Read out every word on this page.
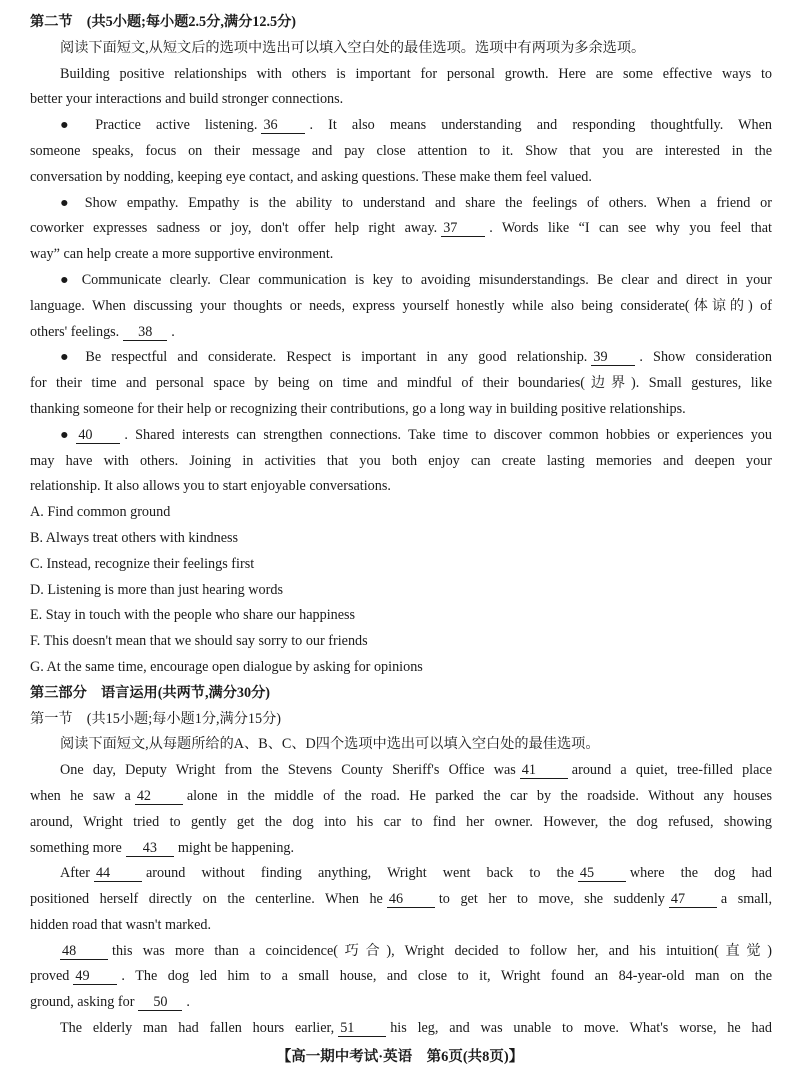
第二节　(共5小题;每小题2.5分,满分12.5分)
阅读下面短文,从短文后的选项中选出可以填入空白处的最佳选项。选项中有两项为多余选项。
Building positive relationships with others is important for personal growth. Here are some effective ways to
better your interactions and build stronger connections.
● Practice active listening. 36 . It also means understanding and responding thoughtfully. When
someone speaks, focus on their message and pay close attention to it. Show that you are interested in the
conversation by nodding, keeping eye contact, and asking questions. These make them feel valued.
● Show empathy. Empathy is the ability to understand and share the feelings of others. When a friend or
coworker expresses sadness or joy, don't offer help right away. 37 . Words like “I can see why you feel that
way” can help create a more supportive environment.
● Communicate clearly. Clear communication is key to avoiding misunderstandings. Be clear and direct in your
language. When discussing your thoughts or needs, express yourself honestly while also being considerate(体谅的) of
others' feelings. 38 .
● Be respectful and considerate. Respect is important in any good relationship. 39 . Show consideration
for their time and personal space by being on time and mindful of their boundaries(边界). Small gestures, like
thanking someone for their help or recognizing their contributions, go a long way in building positive relationships.
● 40 . Shared interests can strengthen connections. Take time to discover common hobbies or experiences you
may have with others. Joining in activities that you both enjoy can create lasting memories and deepen your
relationship. It also allows you to start enjoyable conversations.
A. Find common ground
B. Always treat others with kindness
C. Instead, recognize their feelings first
D. Listening is more than just hearing words
E. Stay in touch with the people who share our happiness
F. This doesn't mean that we should say sorry to our friends
G. At the same time, encourage open dialogue by asking for opinions
第三部分　语言运用(共两节,满分30分)
第一节　(共15小题;每小题1分,满分15分)
阅读下面短文,从每题所给的A、B、C、D四个选项中选出可以填入空白处的最佳选项。
One day, Deputy Wright from the Stevens County Sheriff's Office was 41	around a quiet, tree-filled place
when he saw a 42	alone in the middle of the road. He parked the car by the roadside. Without any houses
around, Wright tried to gently get the dog into his car to find her owner. However, the dog refused, showing
something more 43 might be happening.
After 44	around without finding anything, Wright went back to the 45	where the dog had
positioned herself directly on the centerline. When he 46	to get her to move, she suddenly 47	a small,
hidden road that wasn't marked.
48	this was more than a coincidence(巧合), Wright decided to follow her, and his intuition(直觉)
proved 49 . The dog led him to a small house, and close to it, Wright found an 84-year-old man on the
ground, asking for 50 .
The elderly man had fallen hours earlier, 51	his leg, and was unable to move. What's worse, he had
【高一期中考试·英语　第6页(共8页)】
